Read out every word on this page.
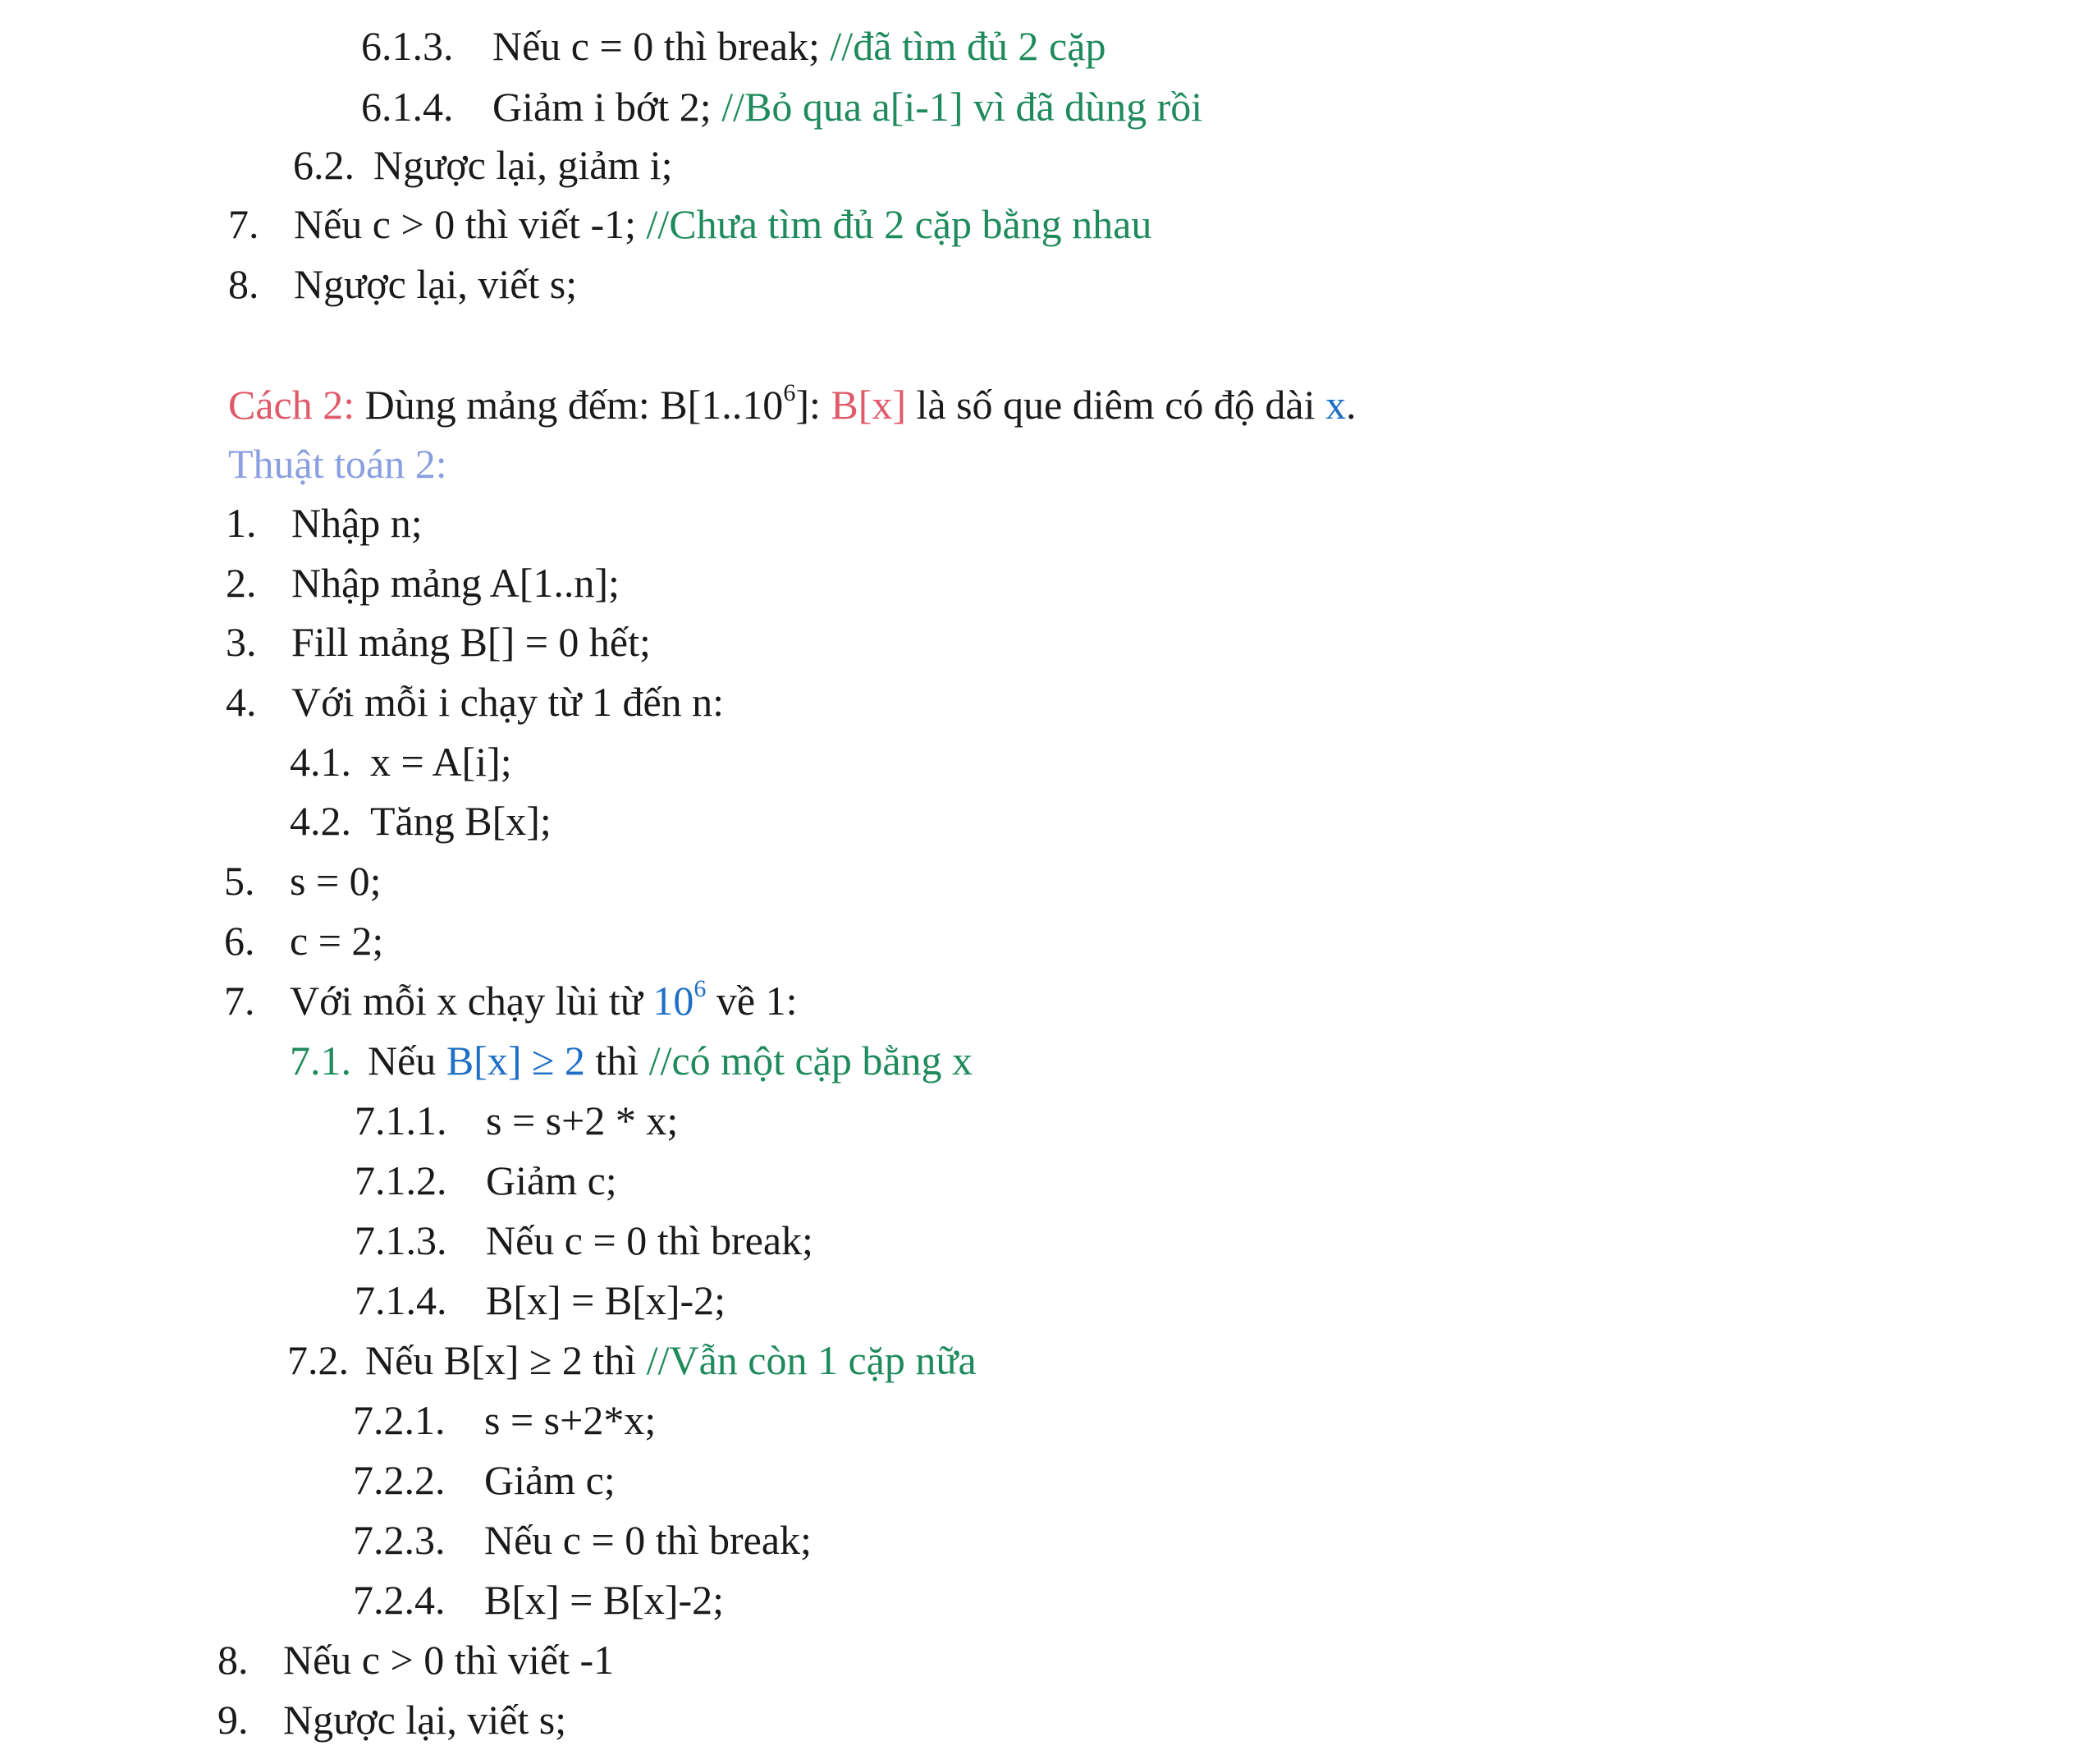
6.1.3. Nếu c = 0 thì break; //đã tìm đủ 2 cặp
6.1.4. Giảm i bớt 2; //Bỏ qua a[i-1] vì đã dùng rồi
6.2. Ngược lại, giảm i;
7. Nếu c > 0 thì viết -1; //Chưa tìm đủ 2 cặp bằng nhau
8. Ngược lại, viết s;
Cách 2: Dùng mảng đếm: B[1..10$^6$]: B[x] là số que diêm có độ dài x.
Thuật toán 2:
1. Nhập n;
2. Nhập mảng A[1..n];
3. Fill mảng B[] = 0 hết;
4. Với mỗi i chạy từ 1 đến n:
4.1. x = A[i];
4.2. Tăng B[x];
5. s = 0;
6. c = 2;
7. Với mỗi x chạy lùi từ $10^6$ về 1:
7.1. Nếu B[x] ≥ 2 thì //có một cặp bằng x
7.1.1. s = s+2 * x;
7.1.2. Giảm c;
7.1.3. Nếu c = 0 thì break;
7.1.4. B[x] = B[x]-2;
7.2. Nếu B[x] ≥ 2 thì //Vẫn còn 1 cặp nữa
7.2.1. s = s+2*x;
7.2.2. Giảm c;
7.2.3. Nếu c = 0 thì break;
7.2.4. B[x] = B[x]-2;
8. Nếu c > 0 thì viết -1
9. Ngược lại, viết s;
